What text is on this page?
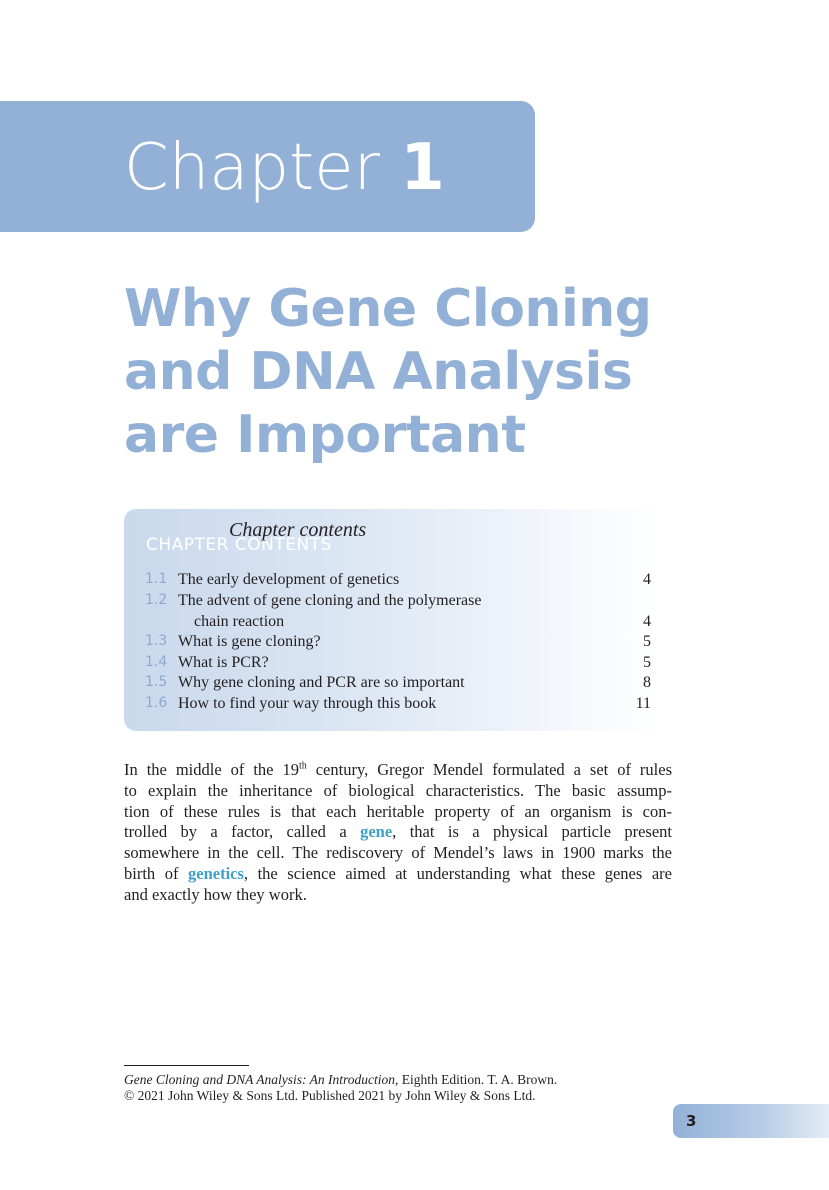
Chapter 1
Why Gene Cloning
and DNA Analysis
are Important
CHAPTER CONTENTS
Chapter contents
1.1 The early development of genetics	4
1.2 The advent of gene cloning and the polymerase
chain reaction	4
1.3 What is gene cloning?	5
1.4 What is PCR?	5
1.5 Why gene cloning and PCR are so important	8
1.6 How to find your way through this book	11
In the middle of the 19th century, Gregor Mendel formulated a set of rules
to explain the inheritance of biological characteristics. The basic assump-
tion of these rules is that each heritable property of an organism is con-
trolled by a factor, called a gene, that is a physical particle present
somewhere in the cell. The rediscovery of Mendel’s laws in 1900 marks the
birth of genetics, the science aimed at understanding what these genes are
and exactly how they work.
Gene Cloning and DNA Analysis: An Introduction, Eighth Edition. T. A. Brown.
© 2021 John Wiley & Sons Ltd. Published 2021 by John Wiley & Sons Ltd.
3
